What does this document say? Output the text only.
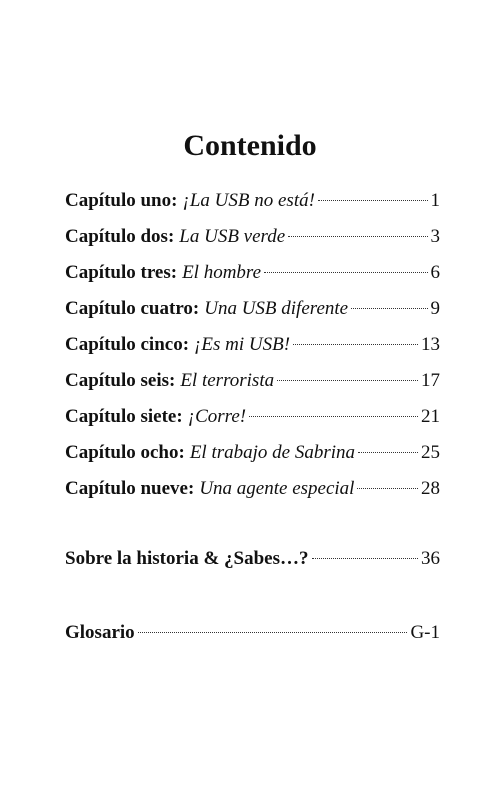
Contenido
Capítulo uno: ¡La USB no está!	1
Capítulo dos: La USB verde	3
Capítulo tres: El hombre	6
Capítulo cuatro: Una USB diferente	9
Capítulo cinco: ¡Es mi USB!	13
Capítulo seis: El terrorista	17
Capítulo siete: ¡Corre!	21
Capítulo ocho: El trabajo de Sabrina	25
Capítulo nueve: Una agente especial	28
Sobre la historia & ¿Sabes…?	36
Glosario	G-1
